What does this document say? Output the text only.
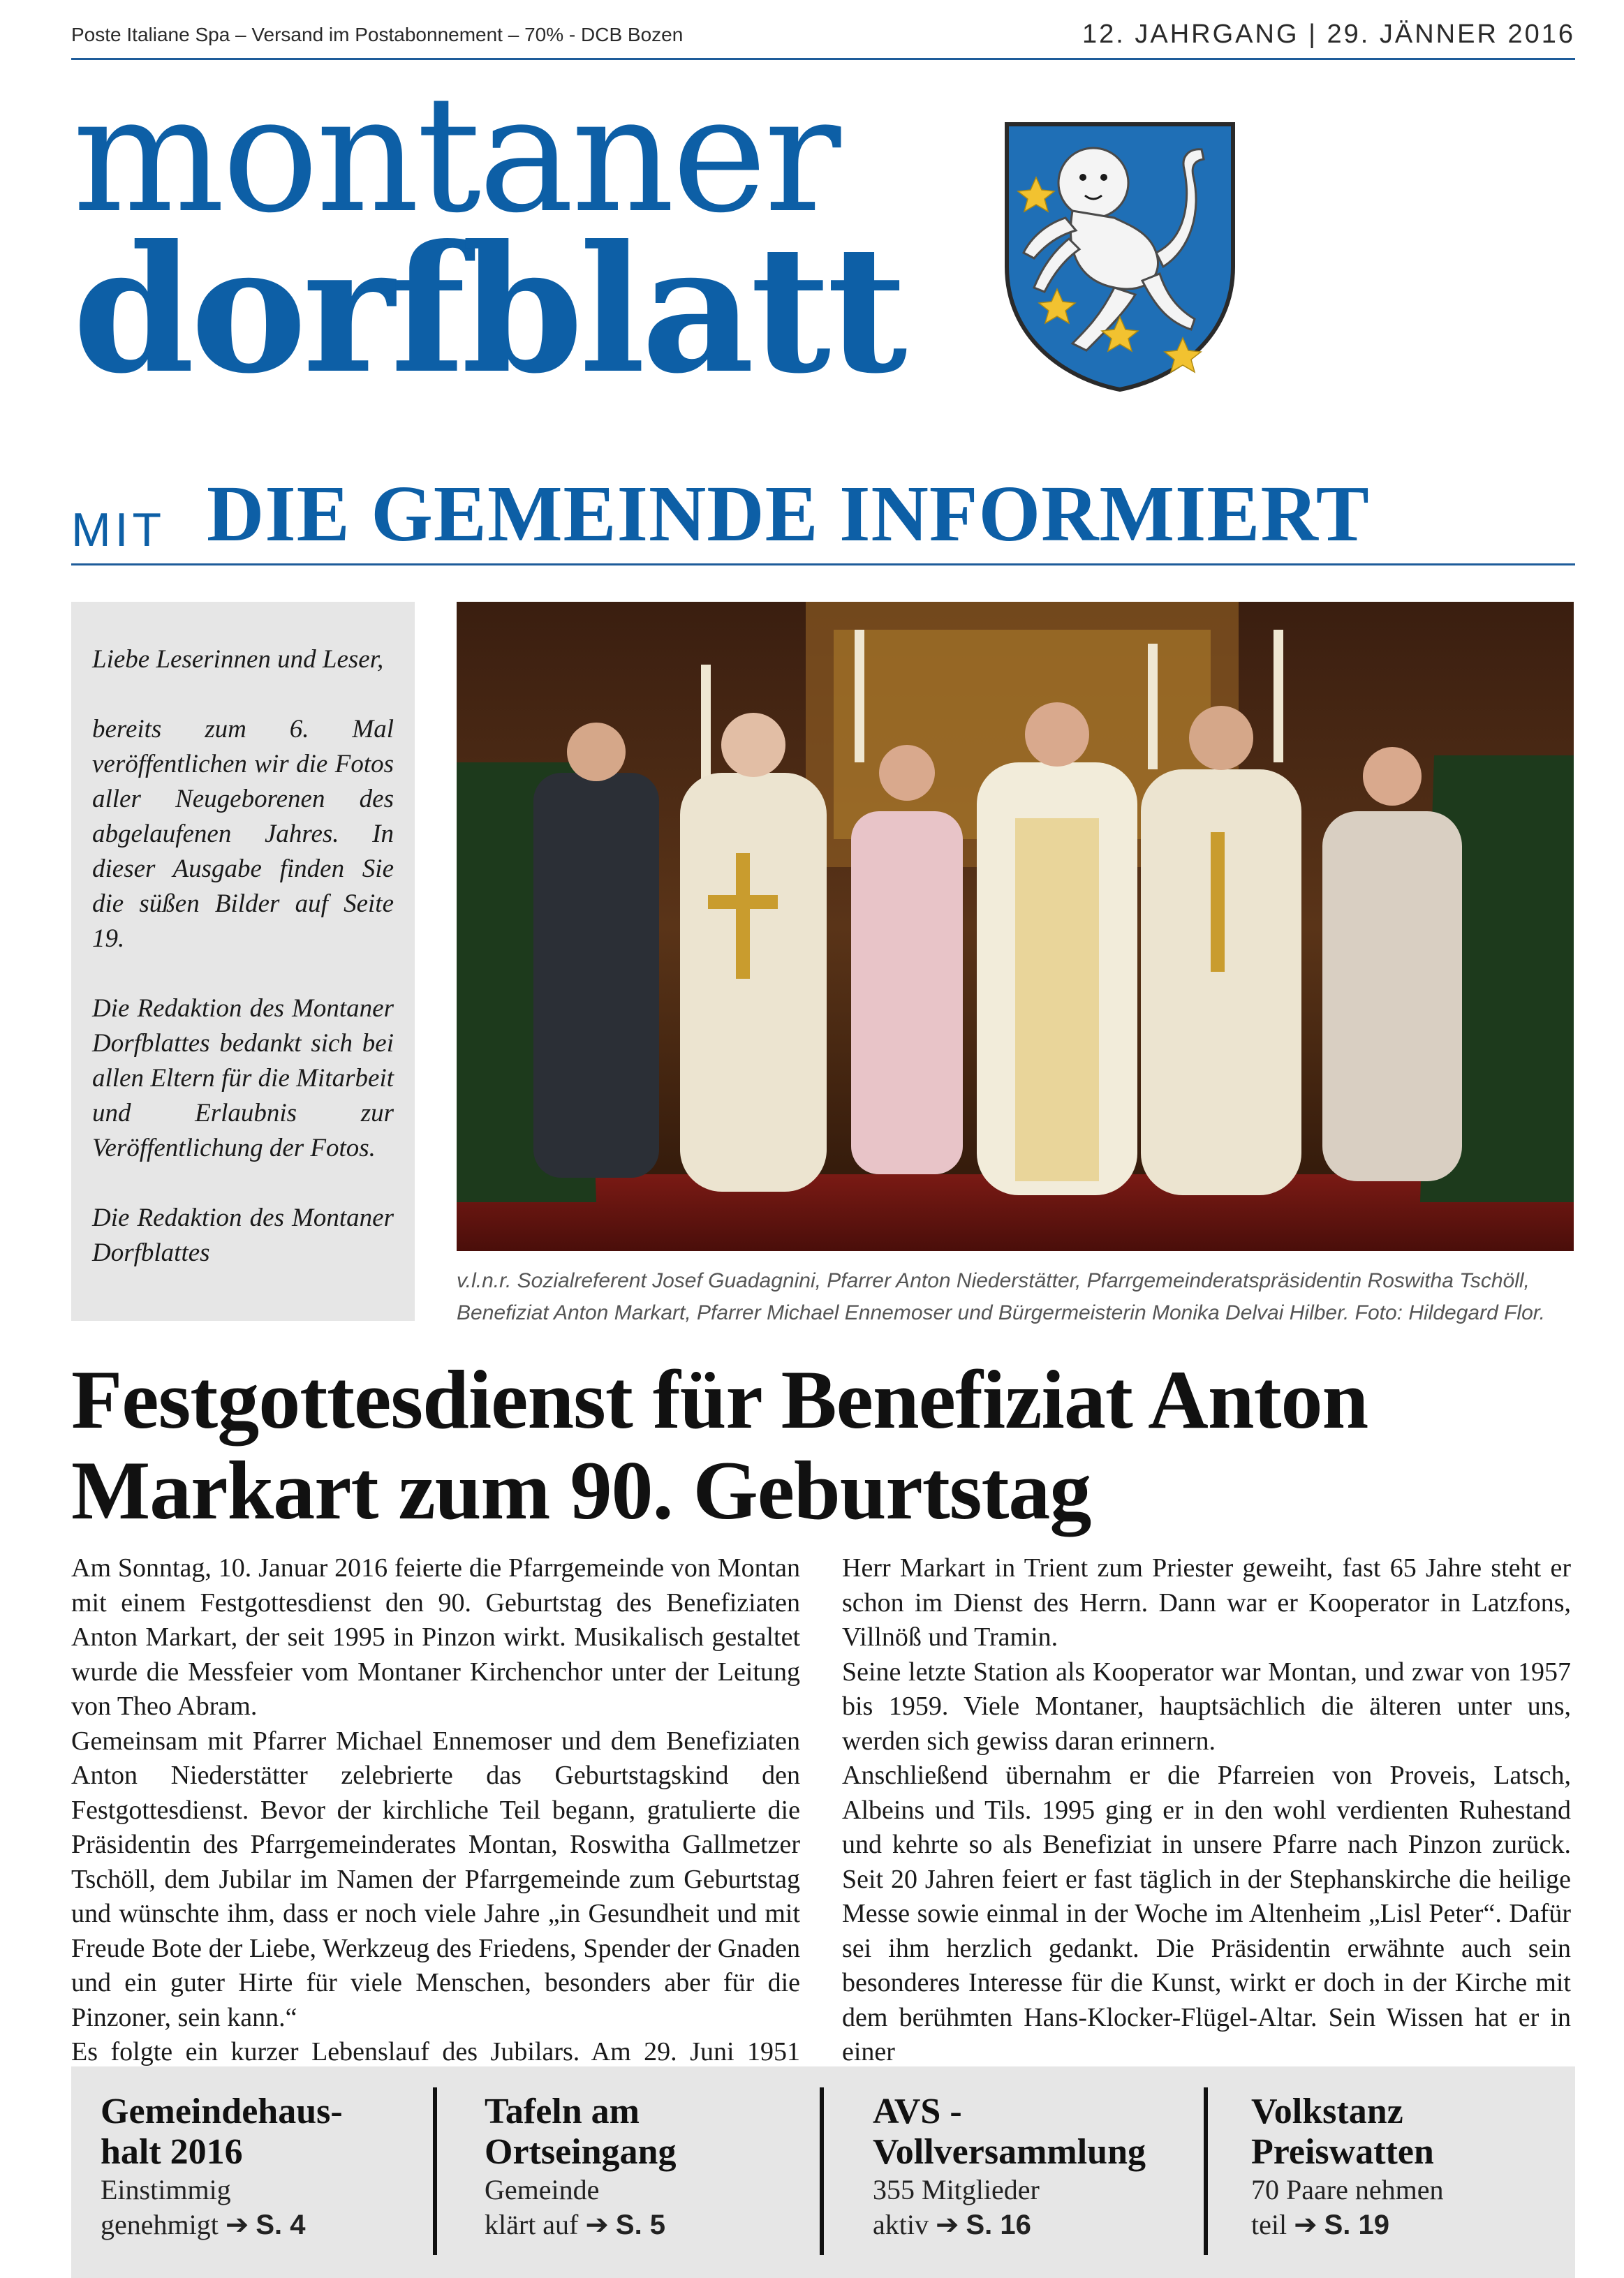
Poste Italiane Spa – Versand im Postabonnement – 70% - DCB Bozen	12. JAHRGANG | 29. JÄNNER 2016
montaner
dorfblatt
MIT DIE GEMEINDE INFORMIERT

Liebe Leserinnen und Leser,

bereits zum 6. Mal veröffentlichen wir die Fotos aller Neugeborenen des abgelaufenen Jahres. In dieser Ausgabe finden Sie die süßen Bilder auf Seite 19.

Die Redaktion des Montaner Dorfblattes bedankt sich bei allen Eltern für die Mitarbeit und Erlaubnis zur Veröffentlichung der Fotos.

Die Redaktion des Montaner Dorfblattes

v.l.n.r. Sozialreferent Josef Guadagnini, Pfarrer Anton Niederstätter, Pfarrgemeinderatspräsidentin Roswitha Tschöll, Benefiziat Anton Markart, Pfarrer Michael Ennemoser und Bürgermeisterin Monika Delvai Hilber. Foto: Hildegard Flor.
Festgottesdienst für Benefiziat Anton Markart zum 90. Geburtstag

Am Sonntag, 10. Januar 2016 feierte die Pfarrgemeinde von Montan mit einem Festgottesdienst den 90. Geburtstag des Benefiziaten Anton Markart, der seit 1995 in Pinzon wirkt. Musikalisch gestaltet wurde die Messfeier vom Montaner Kirchenchor unter der Leitung von Theo Abram.

Gemeinsam mit Pfarrer Michael Ennemoser und dem Benefiziaten Anton Niederstätter zelebrierte das Geburtstagskind den Festgottesdienst. Bevor der kirchliche Teil begann, gratulierte die Präsidentin des Pfarrgemeinderates Montan, Roswitha Gallmetzer Tschöll, dem Jubilar im Namen der Pfarrgemeinde zum Geburtstag und wünschte ihm, dass er noch viele Jahre „in Gesundheit und mit Freude Bote der Liebe, Werkzeug des Friedens, Spender der Gnaden und ein guter Hirte für viele Menschen, besonders aber für die Pinzoner, sein kann.“

Es folgte ein kurzer Lebenslauf des Jubilars. Am 29. Juni 1951

Herr Markart in Trient zum Priester geweiht, fast 65 Jahre steht er schon im Dienst des Herrn. Dann war er Kooperator in Latzfons, Villnöß und Tramin.

Seine letzte Station als Kooperator war Montan, und zwar von 1957 bis 1959. Viele Montaner, hauptsächlich die älteren unter uns, werden sich gewiss daran erinnern.

Anschließend übernahm er die Pfarreien von Proveis, Latsch, Albeins und Tils. 1995 ging er in den wohl verdienten Ruhestand und kehrte so als Benefiziat in unsere Pfarre nach Pinzon zurück. Seit 20 Jahren feiert er fast täglich in der Stephanskirche die heilige Messe sowie einmal in der Woche im Altenheim „Lisl Peter“. Dafür sei ihm herzlich gedankt. Die Präsidentin erwähnte auch sein besonderes Interesse für die Kunst, wirkt er doch in der Kirche mit dem berühmten Hans-Klocker-Flügel-Altar. Sein Wissen hat er in einer

Gemeindehaus-
halt 2016
Einstimmig
genehmigt ➔ S. 4
Tafeln am
Ortseingang
Gemeinde
klärt auf ➔ S. 5
AVS -
Vollversammlung
355 Mitglieder
aktiv ➔ S. 16
Volkstanz
Preiswatten
70 Paare nehmen
teil ➔ S. 19
